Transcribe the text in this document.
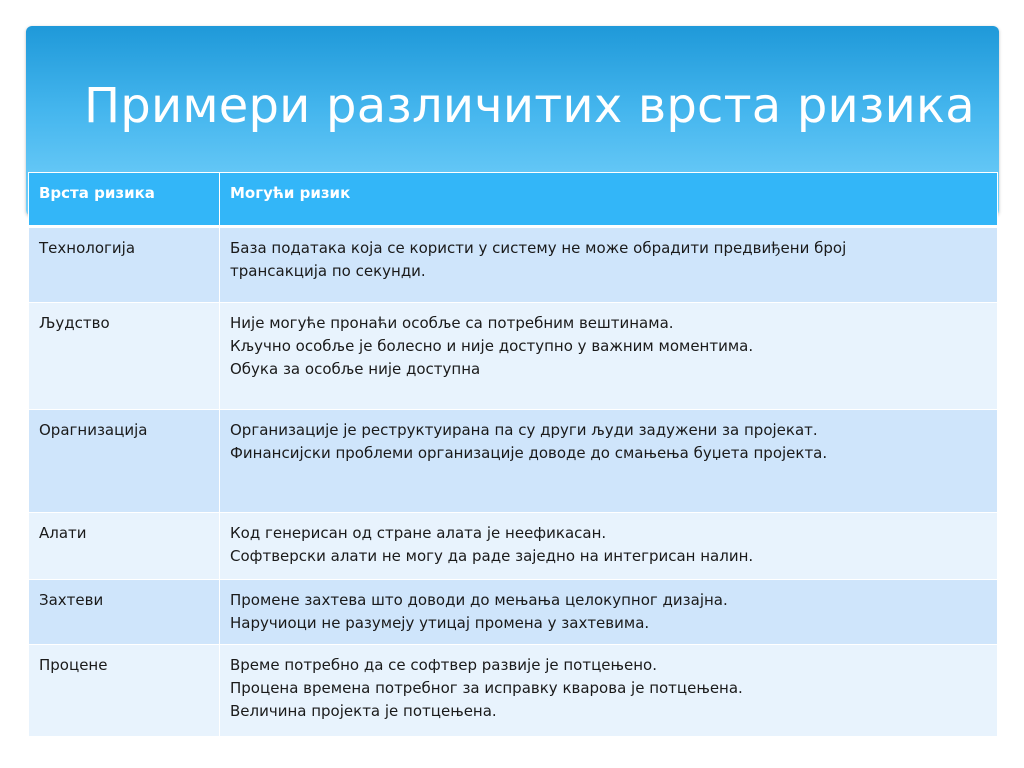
Примери различитих врста ризика
Врста ризика	Могући ризик
Технологија	База података која се користи у систему не може обрадити предвиђени број
трансакција по секунди.

Људство	Није могуће пронаћи особље са потребним вештинама.
Кључно особље је болесно и није доступно у важним моментима.
Обука за особље није доступна

Орагнизација	Организације је реструктуирана па су други људи задужени за пројекат.
Финансијски проблеми организације доводе до смањења буџета пројекта.

Алати	Код генерисан од стране алата је неефикасан.
Софтверски алати не могу да раде заједно на интегрисан налин.

Захтеви	Промене захтева што доводи до мењања целокупног дизајна.
Наручиоци не разумеју утицај промена у захтевима.

Процене	Време потребно да се софтвер развије је потцењено.
Процена времена потребног за исправку кварова је потцењена.
Величина пројекта је потцењена.
